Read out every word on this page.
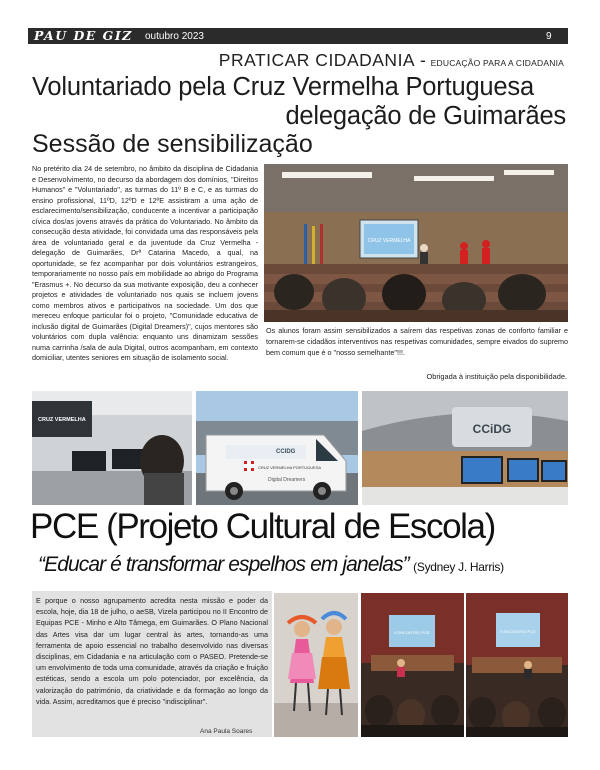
PAU DE GIZ outubro 2023	9
PRATICAR CIDADANIA - EDUCAÇÃO PARA A CIDADANIA
Voluntariado pela Cruz Vermelha Portuguesa
delegação de Guimarães
Sessão de sensibilização

No pretérito dia 24 de setembro, no âmbito da disciplina de Cidadania e Desenvolvimento, no decurso da abordagem dos domínios, "Direitos Humanos" e "Voluntariado", as turmas do 11º B e C, e as turmas do ensino profissional, 11ºD, 12ºD e 12ºE assistiram a uma ação de esclarecimento/sensibilização, conducente a incentivar a participação cívica dos/as jovens através da prática do Voluntariado. No âmbito da consecução desta atividade, foi convidada uma das responsáveis pela área de voluntariado geral e da juventude da Cruz Vermelha - delegação de Guimarães, Drª Catarina Macedo, a qual, na oportunidade, se fez acompanhar por dois voluntários estrangeiros, temporariamente no nosso país em mobilidade ao abrigo do Programa "Erasmus +. No decurso da sua motivante exposição, deu a conhecer projetos e atividades de voluntariado nos quais se incluem jovens como membros ativos e participativos na sociedade. Um dos que mereceu enfoque particular foi o projeto, "Comunidade educativa de inclusão digital de Guimarães (Digital Dreamers)", cujos mentores são voluntários com dupla valência: enquanto uns dinamizam sessões numa carrinha /sala de aula Digital, outros acompanham, em contexto domiciliar, utentes seniores em situação de isolamento social.

CRUZ VERMELHA
Os alunos foram assim sensibilizados a saírem das respetivas zonas de conforto familiar e tornarem-se cidadãos interventivos nas respetivas comunidades, sempre eivados do supremo bem comum que é o "nosso semelhante"!!!.
Obrigada à instituição pela disponibilidade.
CRUZ VERMELHA
CRUZ VERMELHA PORTUGUESA
CCIDG
Digital Dreamers
CCiDG
PCE (Projeto Cultural de Escola)
“Educar é transformar espelhos em janelas” (Sydney J. Harris)
E porque o nosso agrupamento acredita nesta missão e poder da escola, hoje, dia 18 de julho, o aeSB, Vizela participou no II Encontro de Equipas PCE - Minho e Alto Tâmega, em Guimarães. O Plano Nacional das Artes visa dar um lugar central às artes, tornando-as uma ferramenta de apoio essencial no trabalho desenvolvido nas diversas disciplinas, em Cidadania e na articulação com o PASEO. Pretende-se um envolvimento de toda uma comunidade, através da criação e fruição estéticas, sendo a escola um polo potenciador, por excelência, da valorização do património, da criatividade e da formação ao longo da vida. Assim, acreditamos que é preciso "indisciplinar".
Ana Paula Soares
II ENCONTRO PCE	II ENCONTRO PCE
